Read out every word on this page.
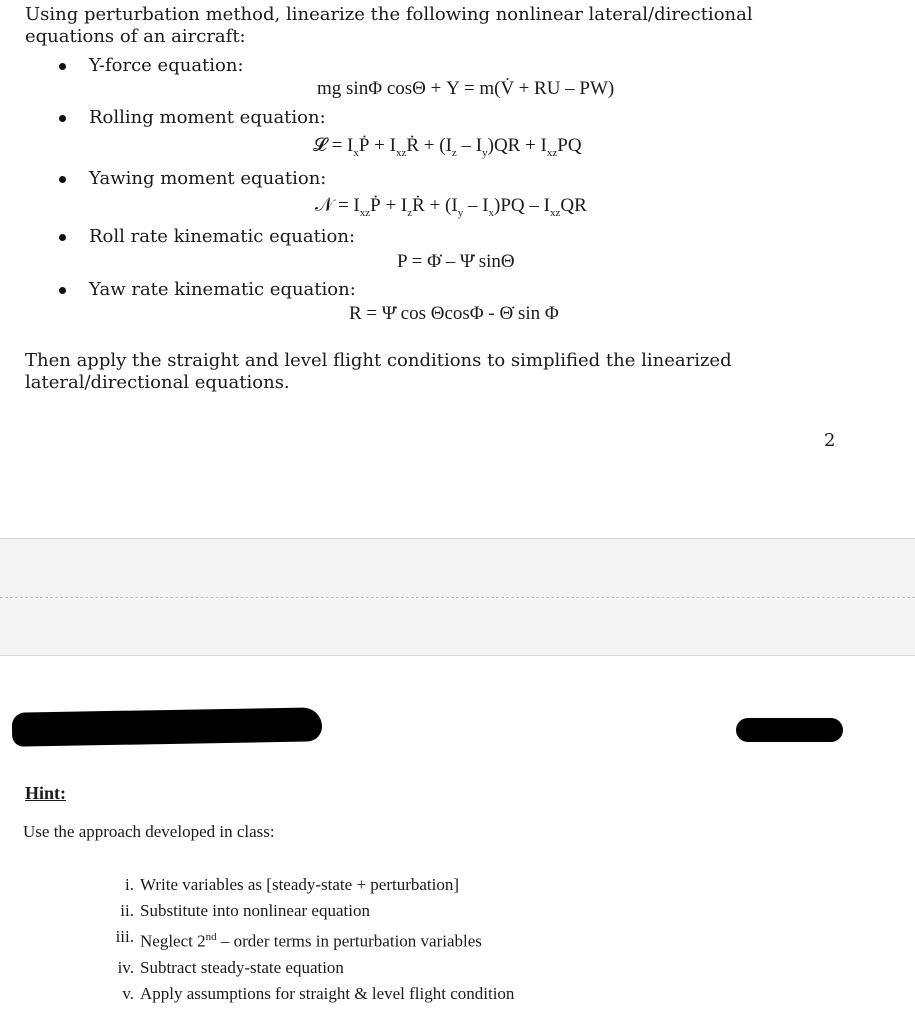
Using perturbation method, linearize the following nonlinear lateral/directional equations of an aircraft:
Y-force equation:
mg sinΦ cosΘ + Y = m(V̇ + RU – PW)
Rolling moment equation:
𝓛 = $I_xṖ$ + $I_{xz}Ṙ + (I_z - I_y)QR + I_{xz}PQ$
Yawing moment equation:
𝒩 = $I_{xz}Ṗ$ + $I_zṘ + (I_y - I_x)PQ - I_{xz}QR$
Roll rate kinematic equation:
P = Φ̇ – Ψ̇ sinΘ
Yaw rate kinematic equation:
R = Ψ̇ cos ΘcosΦ - Θ̇ sin Φ
Then apply the straight and level flight conditions to simplified the linearized lateral/directional equations.
2
Hint:
Use the approach developed in class:
i. Write variables as [steady-state + perturbation]
ii. Substitute into nonlinear equation
iii. Neglect 2nd – order terms in perturbation variables
iv. Subtract steady-state equation
v. Apply assumptions for straight & level flight condition
